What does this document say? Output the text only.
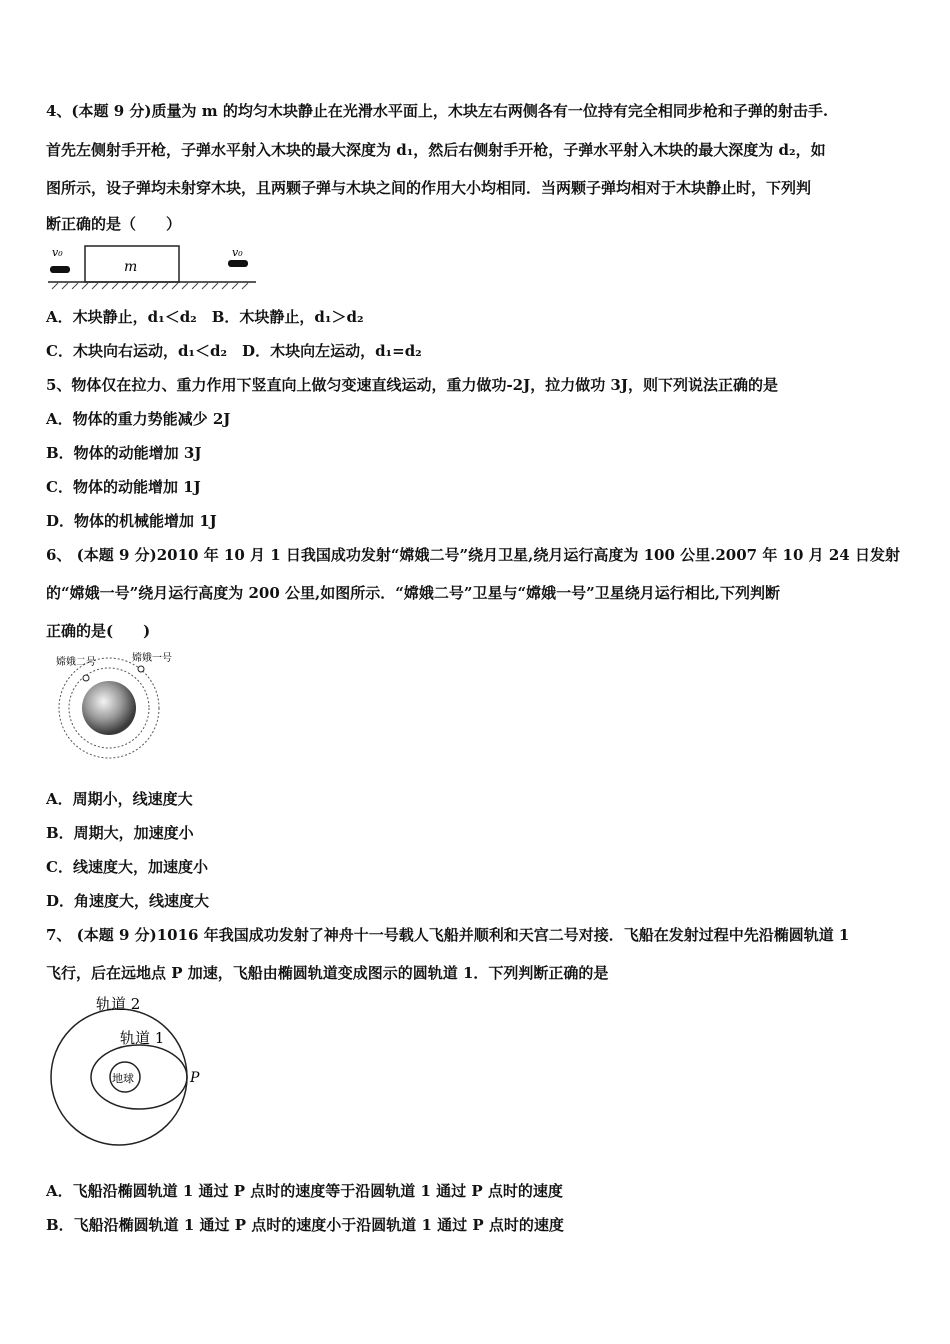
4、(本题 9 分)质量为 m 的均匀木块静止在光滑水平面上，木块左右两侧各有一位持有完全相同步枪和子弹的射击手.
首先左侧射手开枪，子弹水平射入木块的最大深度为 d₁，然后右侧射手开枪，子弹水平射入木块的最大深度为 d₂，如
图所示，设子弹均未射穿木块，且两颗子弹与木块之间的作用大小均相同．当两颗子弹均相对于木块静止时，下列判
断正确的是（　　）
v₀
m
v₀
A．木块静止，d₁＜d₂　B．木块静止，d₁＞d₂
C．木块向右运动，d₁＜d₂　D．木块向左运动，d₁=d₂
5、物体仅在拉力、重力作用下竖直向上做匀变速直线运动，重力做功-2J，拉力做功 3J，则下列说法正确的是
A．物体的重力势能减少 2J
B．物体的动能增加 3J
C．物体的动能增加 1J
D．物体的机械能增加 1J
6、 (本题 9 分)2010 年 10 月 1 日我国成功发射“嫦娥二号”绕月卫星,绕月运行高度为 100 公里.2007 年 10 月 24 日发射
的“嫦娥一号”绕月运行高度为 200 公里,如图所示．“嫦娥二号”卫星与“嫦娥一号”卫星绕月运行相比,下列判断
正确的是(　　)
嫦娥二号	嫦娥一号
A．周期小，线速度大
B．周期大，加速度小
C．线速度大，加速度小
D．角速度大，线速度大
7、 (本题 9 分)1016 年我国成功发射了神舟十一号载人飞船并顺利和天宫二号对接．飞船在发射过程中先沿椭圆轨道 1
飞行，后在远地点 P 加速，飞船由椭圆轨道变成图示的圆轨道 1．下列判断正确的是
地球
轨道 2
轨道 1
P
A．飞船沿椭圆轨道 1 通过 P 点时的速度等于沿圆轨道 1 通过 P 点时的速度
B．飞船沿椭圆轨道 1 通过 P 点时的速度小于沿圆轨道 1 通过 P 点时的速度
